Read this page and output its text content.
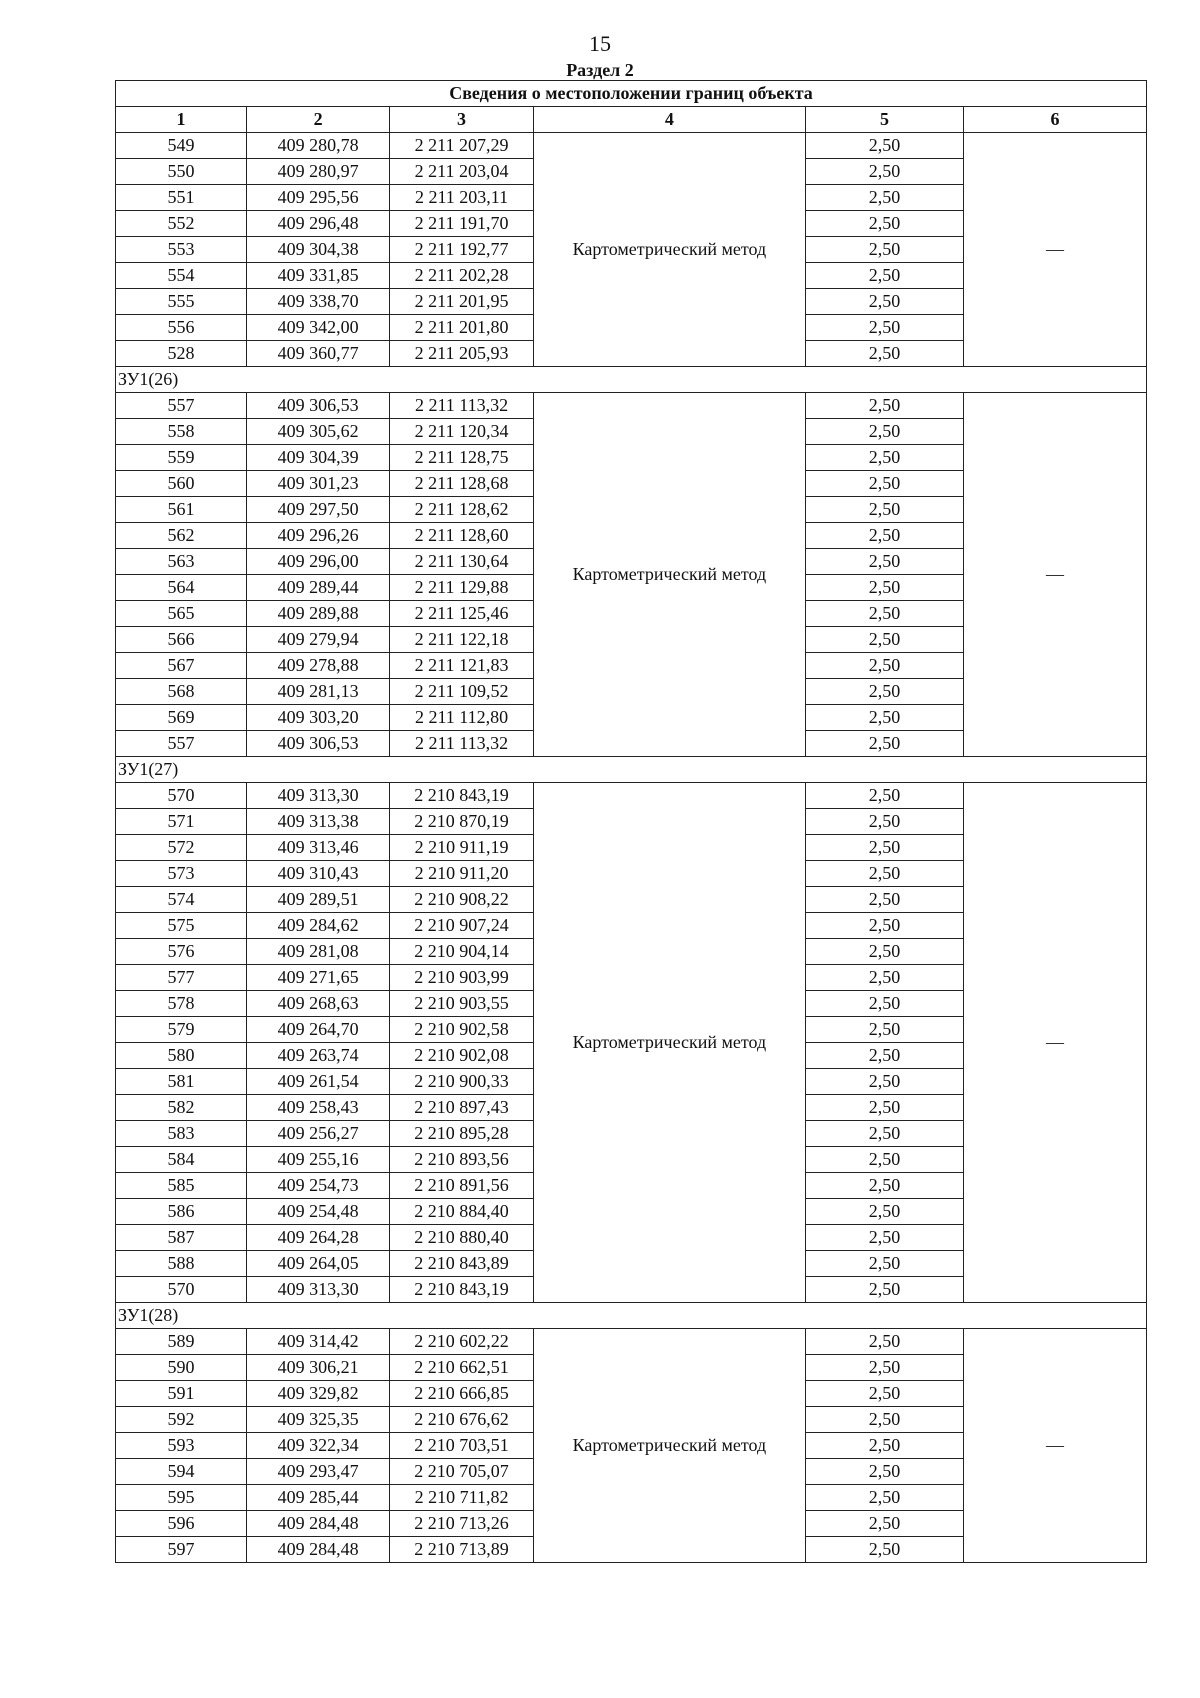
15
Раздел 2
Сведения о местоположении границ объекта					
1	2	3	4	5	6
549	409 280,78	2 211 207,29	Картометрический метод	2,50	—
550	409 280,97	2 211 203,04		2,50	
551	409 295,56	2 211 203,11		2,50	
552	409 296,48	2 211 191,70		2,50	
553	409 304,38	2 211 192,77		2,50	
554	409 331,85	2 211 202,28		2,50	
555	409 338,70	2 211 201,95		2,50	
556	409 342,00	2 211 201,80		2,50	
528	409 360,77	2 211 205,93		2,50	
ЗУ1(26)					
557	409 306,53	2 211 113,32	Картометрический метод	2,50	—
558	409 305,62	2 211 120,34		2,50	
559	409 304,39	2 211 128,75		2,50	
560	409 301,23	2 211 128,68		2,50	
561	409 297,50	2 211 128,62		2,50	
562	409 296,26	2 211 128,60		2,50	
563	409 296,00	2 211 130,64		2,50	
564	409 289,44	2 211 129,88		2,50	
565	409 289,88	2 211 125,46		2,50	
566	409 279,94	2 211 122,18		2,50	
567	409 278,88	2 211 121,83		2,50	
568	409 281,13	2 211 109,52		2,50	
569	409 303,20	2 211 112,80		2,50	
557	409 306,53	2 211 113,32		2,50	
ЗУ1(27)					
570	409 313,30	2 210 843,19	Картометрический метод	2,50	—
571	409 313,38	2 210 870,19		2,50	
572	409 313,46	2 210 911,19		2,50	
573	409 310,43	2 210 911,20		2,50	
574	409 289,51	2 210 908,22		2,50	
575	409 284,62	2 210 907,24		2,50	
576	409 281,08	2 210 904,14		2,50	
577	409 271,65	2 210 903,99		2,50	
578	409 268,63	2 210 903,55		2,50	
579	409 264,70	2 210 902,58		2,50	
580	409 263,74	2 210 902,08		2,50	
581	409 261,54	2 210 900,33		2,50	
582	409 258,43	2 210 897,43		2,50	
583	409 256,27	2 210 895,28		2,50	
584	409 255,16	2 210 893,56		2,50	
585	409 254,73	2 210 891,56		2,50	
586	409 254,48	2 210 884,40		2,50	
587	409 264,28	2 210 880,40		2,50	
588	409 264,05	2 210 843,89		2,50	
570	409 313,30	2 210 843,19		2,50	
ЗУ1(28)					
589	409 314,42	2 210 602,22	Картометрический метод	2,50	—
590	409 306,21	2 210 662,51		2,50	
591	409 329,82	2 210 666,85		2,50	
592	409 325,35	2 210 676,62		2,50	
593	409 322,34	2 210 703,51		2,50	
594	409 293,47	2 210 705,07		2,50	
595	409 285,44	2 210 711,82		2,50	
596	409 284,48	2 210 713,26		2,50	
597	409 284,48	2 210 713,89		2,50	
